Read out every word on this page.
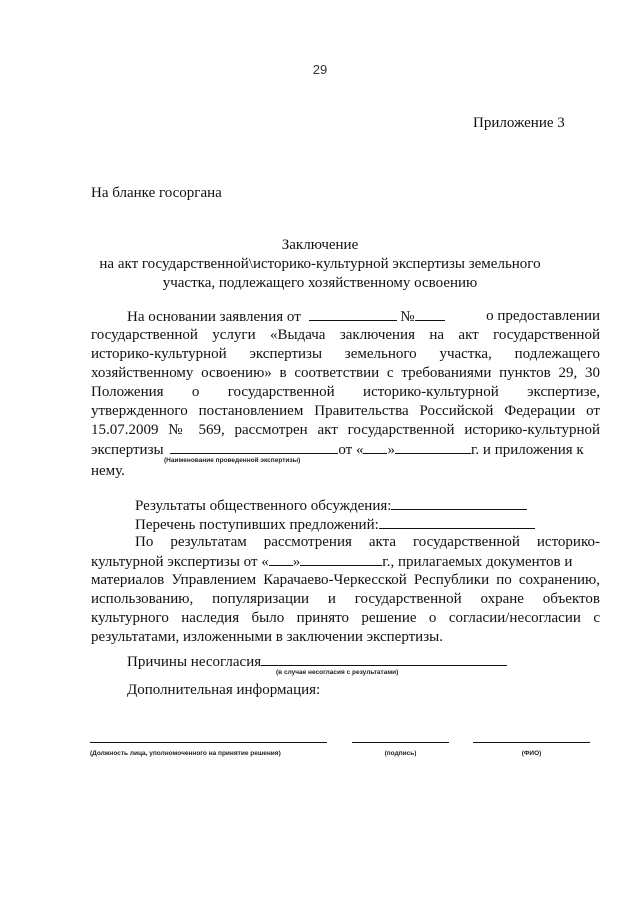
29
Приложение 3
На бланке госоргана
Заключение
на акт государственной\историко-культурной экспертизы земельного
участка, подлежащего хозяйственному освоению
На основании заявления от	№	о предоставлении
государственной услуги «Выдача заключения на акт государственной
историко-культурной экспертизы земельного участка, подлежащего
хозяйственному освоению» в соответствии с требованиями пунктов 29, 30
Положения о государственной историко-культурной экспертизе,
утвержденного постановлением Правительства Российской Федерации от
15.07.2009 № 569, рассмотрен акт государственной историко-культурной
экспертизы	от « »	г. и приложения к
(Наименование проведенной экспертизы)
нему.
Результаты общественного обсуждения:
Перечень поступивших предложений:
По результатам рассмотрения акта государственной историко-
культурной экспертизы от « »	г., прилагаемых документов и
материалов Управлением Карачаево-Черкесской Республики по сохранению,
использованию, популяризации и государственной охране объектов
культурного наследия было принято решение о согласии/несогласии с
результатами, изложенными в заключении экспертизы.
Причины несогласия
(в случае несогласия с результатами)
Дополнительная информация:
(Должность лица, уполномоченного на принятие решения)	(подпись)	(ФИО)
